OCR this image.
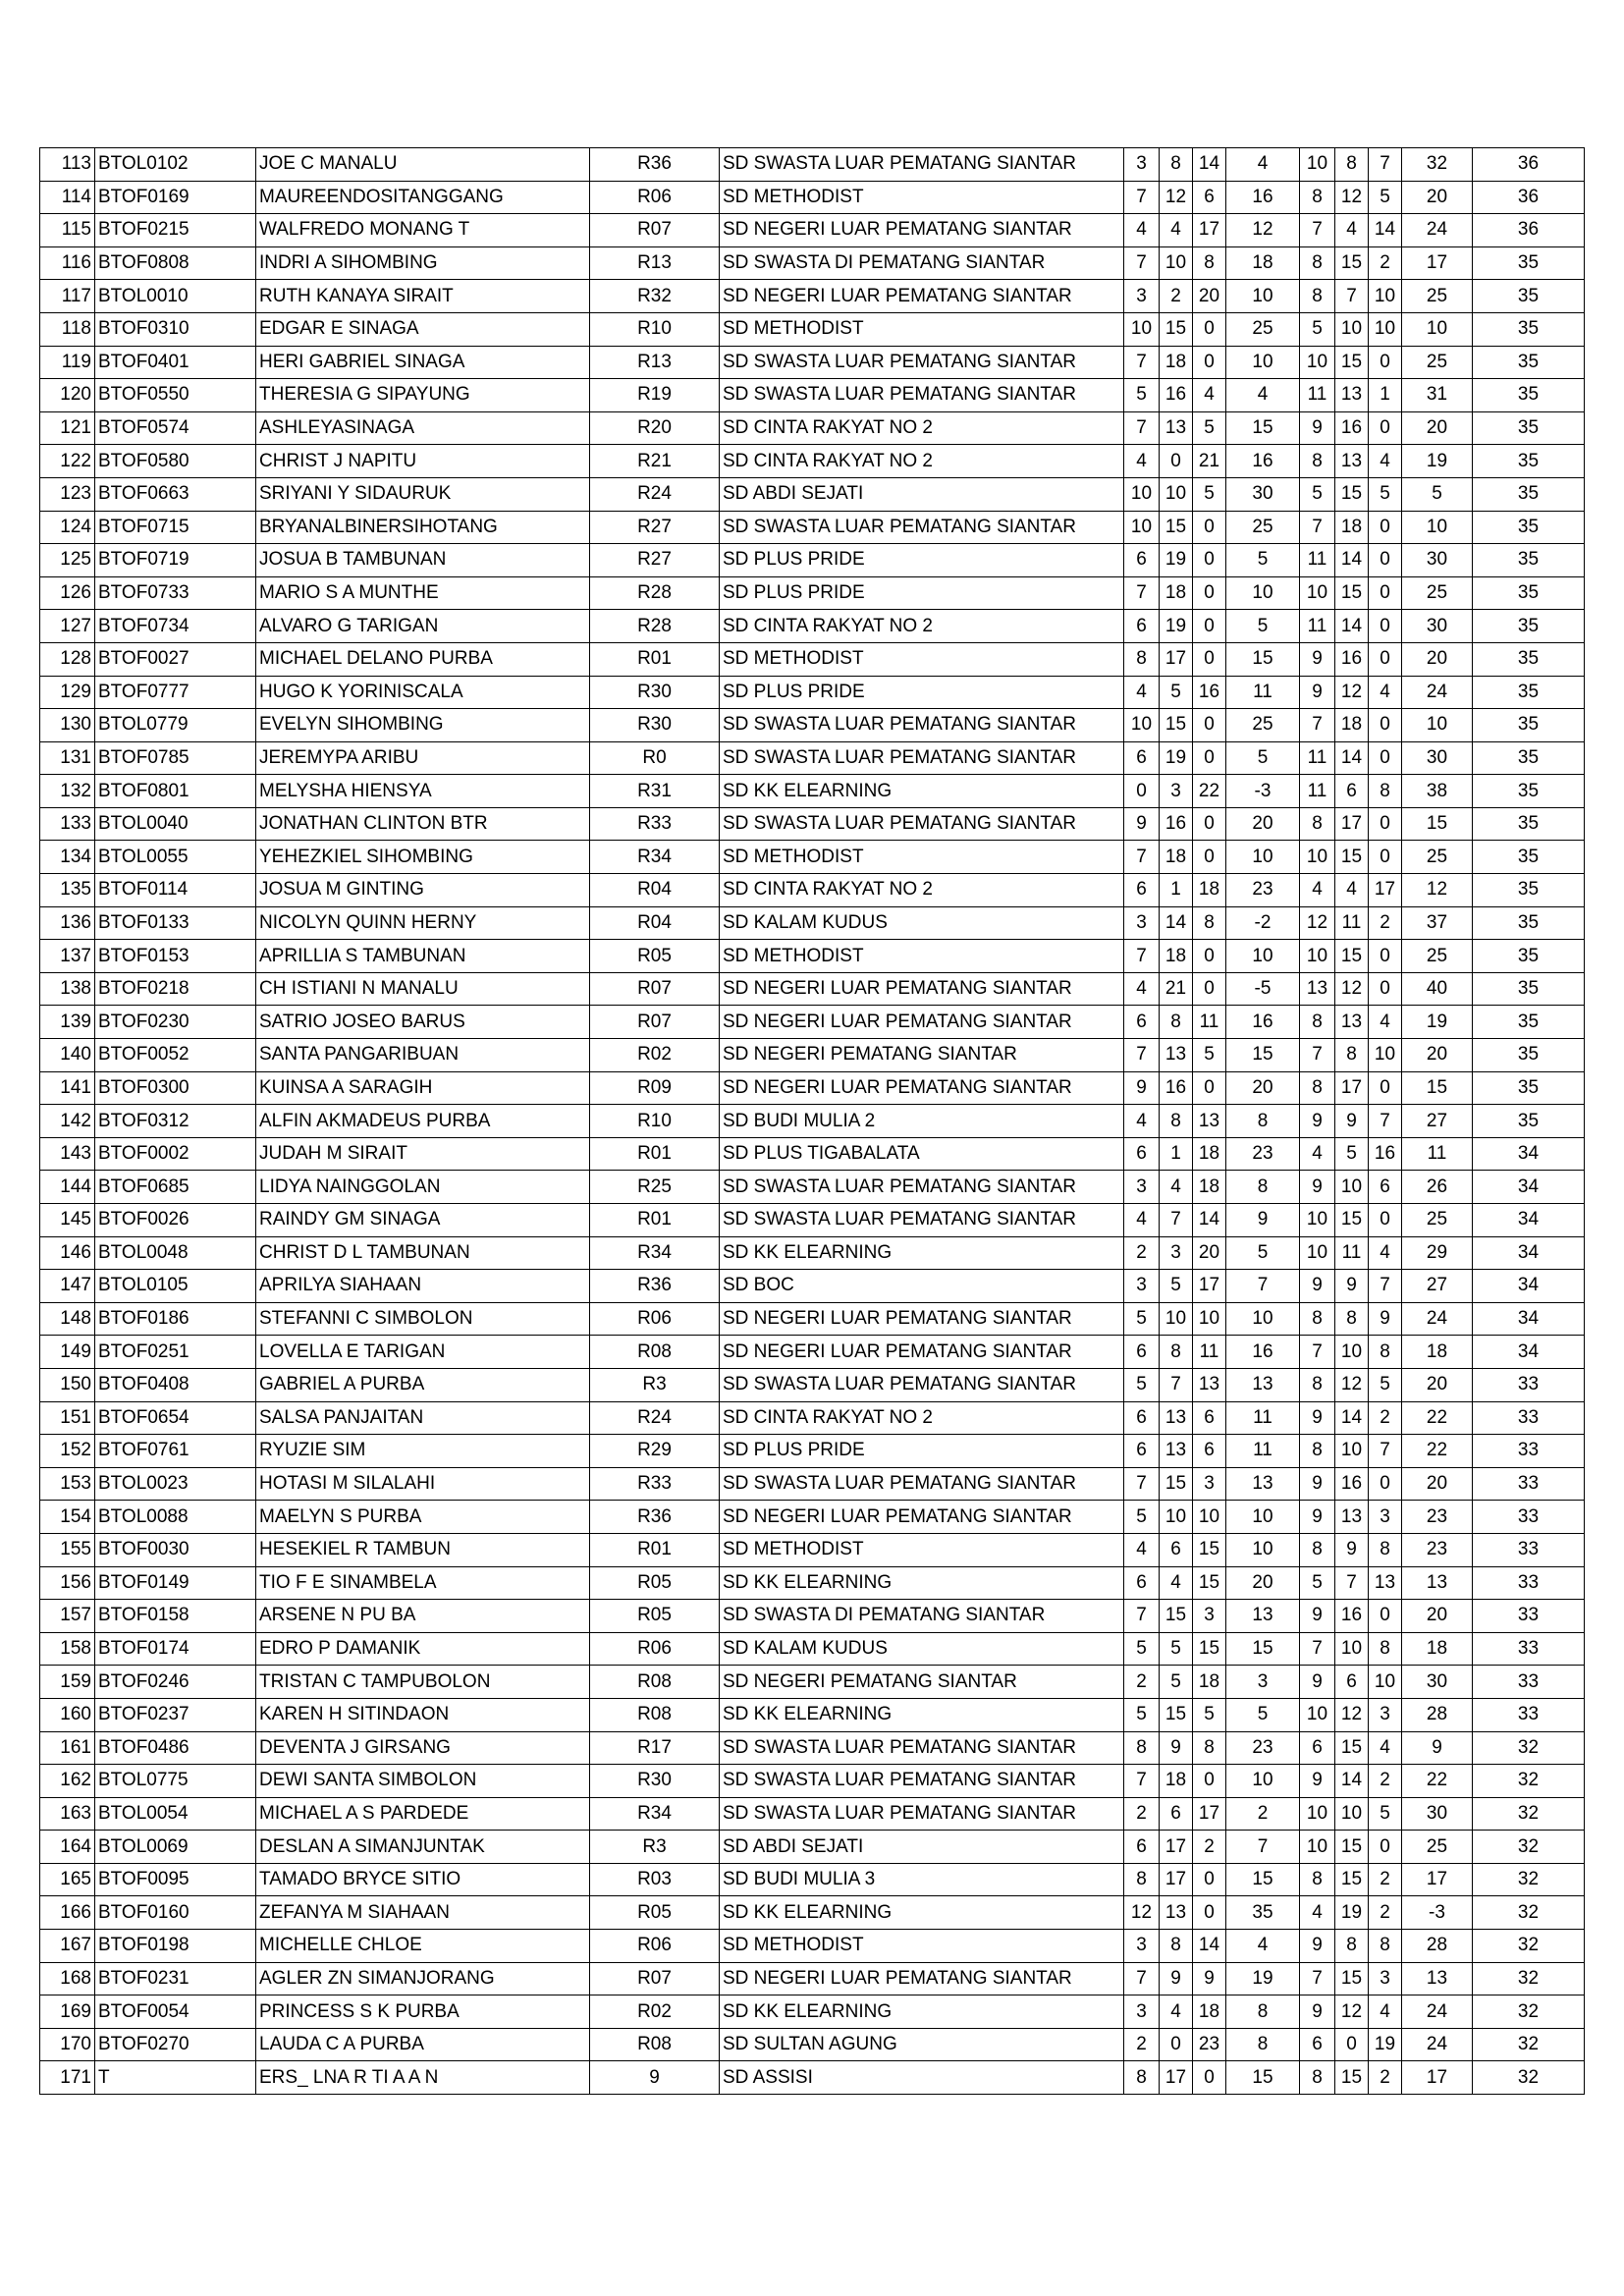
113	BTOL0102	JOE C MANALU	R36	SD SWASTA LUAR PEMATANG SIANTAR	3	8	14	4	10	8	7	32	36
114	BTOF0169	MAUREENDOSITANGGANG	R06	SD METHODIST	7	12	6	16	8	12	5	20	36
115	BTOF0215	WALFREDO MONANG T	R07	SD NEGERI LUAR PEMATANG SIANTAR	4	4	17	12	7	4	14	24	36
116	BTOF0808	INDRI A SIHOMBING	R13	SD SWASTA DI PEMATANG SIANTAR	7	10	8	18	8	15	2	17	35
117	BTOL0010	RUTH KANAYA SIRAIT	R32	SD NEGERI LUAR PEMATANG SIANTAR	3	2	20	10	8	7	10	25	35
118	BTOF0310	EDGAR E SINAGA	R10	SD METHODIST	10	15	0	25	5	10	10	10	35
119	BTOF0401	HERI GABRIEL SINAGA	R13	SD SWASTA LUAR PEMATANG SIANTAR	7	18	0	10	10	15	0	25	35
120	BTOF0550	THERESIA G SIPAYUNG	R19	SD SWASTA LUAR PEMATANG SIANTAR	5	16	4	4	11	13	1	31	35
121	BTOF0574	ASHLEYASINAGA	R20	SD CINTA RAKYAT NO 2	7	13	5	15	9	16	0	20	35
122	BTOF0580	CHRIST J NAPITU	R21	SD CINTA RAKYAT NO 2	4	0	21	16	8	13	4	19	35
123	BTOF0663	SRIYANI Y SIDAURUK	R24	SD ABDI SEJATI	10	10	5	30	5	15	5	5	35
124	BTOF0715	BRYANALBINERSIHOTANG	R27	SD SWASTA LUAR PEMATANG SIANTAR	10	15	0	25	7	18	0	10	35
125	BTOF0719	JOSUA B TAMBUNAN	R27	SD PLUS PRIDE	6	19	0	5	11	14	0	30	35
126	BTOF0733	MARIO S A MUNTHE	R28	SD PLUS PRIDE	7	18	0	10	10	15	0	25	35
127	BTOF0734	ALVARO G TARIGAN	R28	SD CINTA RAKYAT NO 2	6	19	0	5	11	14	0	30	35
128	BTOF0027	MICHAEL DELANO PURBA	R01	SD METHODIST	8	17	0	15	9	16	0	20	35
129	BTOF0777	HUGO K YORINISCALA	R30	SD PLUS PRIDE	4	5	16	11	9	12	4	24	35
130	BTOL0779	EVELYN SIHOMBING	R30	SD SWASTA LUAR PEMATANG SIANTAR	10	15	0	25	7	18	0	10	35
131	BTOF0785	JEREMYPA ARIBU	R0	SD SWASTA LUAR PEMATANG SIANTAR	6	19	0	5	11	14	0	30	35
132	BTOF0801	MELYSHA HIENSYA	R31	SD KK ELEARNING	0	3	22	-3	11	6	8	38	35
133	BTOL0040	JONATHAN CLINTON BTR	R33	SD SWASTA LUAR PEMATANG SIANTAR	9	16	0	20	8	17	0	15	35
134	BTOL0055	YEHEZKIEL SIHOMBING	R34	SD METHODIST	7	18	0	10	10	15	0	25	35
135	BTOF0114	JOSUA M GINTING	R04	SD CINTA RAKYAT NO 2	6	1	18	23	4	4	17	12	35
136	BTOF0133	NICOLYN QUINN HERNY	R04	SD KALAM KUDUS	3	14	8	-2	12	11	2	37	35
137	BTOF0153	APRILLIA S TAMBUNAN	R05	SD METHODIST	7	18	0	10	10	15	0	25	35
138	BTOF0218	CH ISTIANI N MANALU	R07	SD NEGERI LUAR PEMATANG SIANTAR	4	21	0	-5	13	12	0	40	35
139	BTOF0230	SATRIO JOSEO BARUS	R07	SD NEGERI LUAR PEMATANG SIANTAR	6	8	11	16	8	13	4	19	35
140	BTOF0052	SANTA PANGARIBUAN	R02	SD NEGERI PEMATANG SIANTAR	7	13	5	15	7	8	10	20	35
141	BTOF0300	KUINSA A SARAGIH	R09	SD NEGERI LUAR PEMATANG SIANTAR	9	16	0	20	8	17	0	15	35
142	BTOF0312	ALFIN AKMADEUS PURBA	R10	SD BUDI MULIA 2	4	8	13	8	9	9	7	27	35
143	BTOF0002	JUDAH M SIRAIT	R01	SD PLUS TIGABALATA	6	1	18	23	4	5	16	11	34
144	BTOF0685	LIDYA NAINGGOLAN	R25	SD SWASTA LUAR PEMATANG SIANTAR	3	4	18	8	9	10	6	26	34
145	BTOF0026	RAINDY GM SINAGA	R01	SD SWASTA LUAR PEMATANG SIANTAR	4	7	14	9	10	15	0	25	34
146	BTOL0048	CHRIST D L TAMBUNAN	R34	SD KK ELEARNING	2	3	20	5	10	11	4	29	34
147	BTOL0105	APRILYA SIAHAAN	R36	SD BOC	3	5	17	7	9	9	7	27	34
148	BTOF0186	STEFANNI C SIMBOLON	R06	SD NEGERI LUAR PEMATANG SIANTAR	5	10	10	10	8	8	9	24	34
149	BTOF0251	LOVELLA E TARIGAN	R08	SD NEGERI LUAR PEMATANG SIANTAR	6	8	11	16	7	10	8	18	34
150	BTOF0408	GABRIEL A PURBA	R3	SD SWASTA LUAR PEMATANG SIANTAR	5	7	13	13	8	12	5	20	33
151	BTOF0654	SALSA PANJAITAN	R24	SD CINTA RAKYAT NO 2	6	13	6	11	9	14	2	22	33
152	BTOF0761	RYUZIE SIM	R29	SD PLUS PRIDE	6	13	6	11	8	10	7	22	33
153	BTOL0023	HOTASI M SILALAHI	R33	SD SWASTA LUAR PEMATANG SIANTAR	7	15	3	13	9	16	0	20	33
154	BTOL0088	MAELYN S PURBA	R36	SD NEGERI LUAR PEMATANG SIANTAR	5	10	10	10	9	13	3	23	33
155	BTOF0030	HESEKIEL R TAMBUN	R01	SD METHODIST	4	6	15	10	8	9	8	23	33
156	BTOF0149	TIO F E SINAMBELA	R05	SD KK ELEARNING	6	4	15	20	5	7	13	13	33
157	BTOF0158	ARSENE N PU BA	R05	SD SWASTA DI PEMATANG SIANTAR	7	15	3	13	9	16	0	20	33
158	BTOF0174	EDRO P DAMANIK	R06	SD KALAM KUDUS	5	5	15	15	7	10	8	18	33
159	BTOF0246	TRISTAN C TAMPUBOLON	R08	SD NEGERI PEMATANG SIANTAR	2	5	18	3	9	6	10	30	33
160	BTOF0237	KAREN H SITINDAON	R08	SD KK ELEARNING	5	15	5	5	10	12	3	28	33
161	BTOF0486	DEVENTA J GIRSANG	R17	SD SWASTA LUAR PEMATANG SIANTAR	8	9	8	23	6	15	4	9	32
162	BTOL0775	DEWI SANTA SIMBOLON	R30	SD SWASTA LUAR PEMATANG SIANTAR	7	18	0	10	9	14	2	22	32
163	BTOL0054	MICHAEL A S PARDEDE	R34	SD SWASTA LUAR PEMATANG SIANTAR	2	6	17	2	10	10	5	30	32
164	BTOL0069	DESLAN A SIMANJUNTAK	R3	SD ABDI SEJATI	6	17	2	7	10	15	0	25	32
165	BTOF0095	TAMADO BRYCE SITIO	R03	SD BUDI MULIA 3	8	17	0	15	8	15	2	17	32
166	BTOF0160	ZEFANYA M SIAHAAN	R05	SD KK ELEARNING	12	13	0	35	4	19	2	-3	32
167	BTOF0198	MICHELLE CHLOE	R06	SD METHODIST	3	8	14	4	9	8	8	28	32
168	BTOF0231	AGLER ZN SIMANJORANG	R07	SD NEGERI LUAR PEMATANG SIANTAR	7	9	9	19	7	15	3	13	32
169	BTOF0054	PRINCESS S K PURBA	R02	SD KK ELEARNING	3	4	18	8	9	12	4	24	32
170	BTOF0270	LAUDA C A PURBA	R08	SD SULTAN AGUNG	2	0	23	8	6	0	19	24	32
171	T	ERS_ LNA R TI A A N	9	SD ASSISI	8	17	0	15	8	15	2	17	32
